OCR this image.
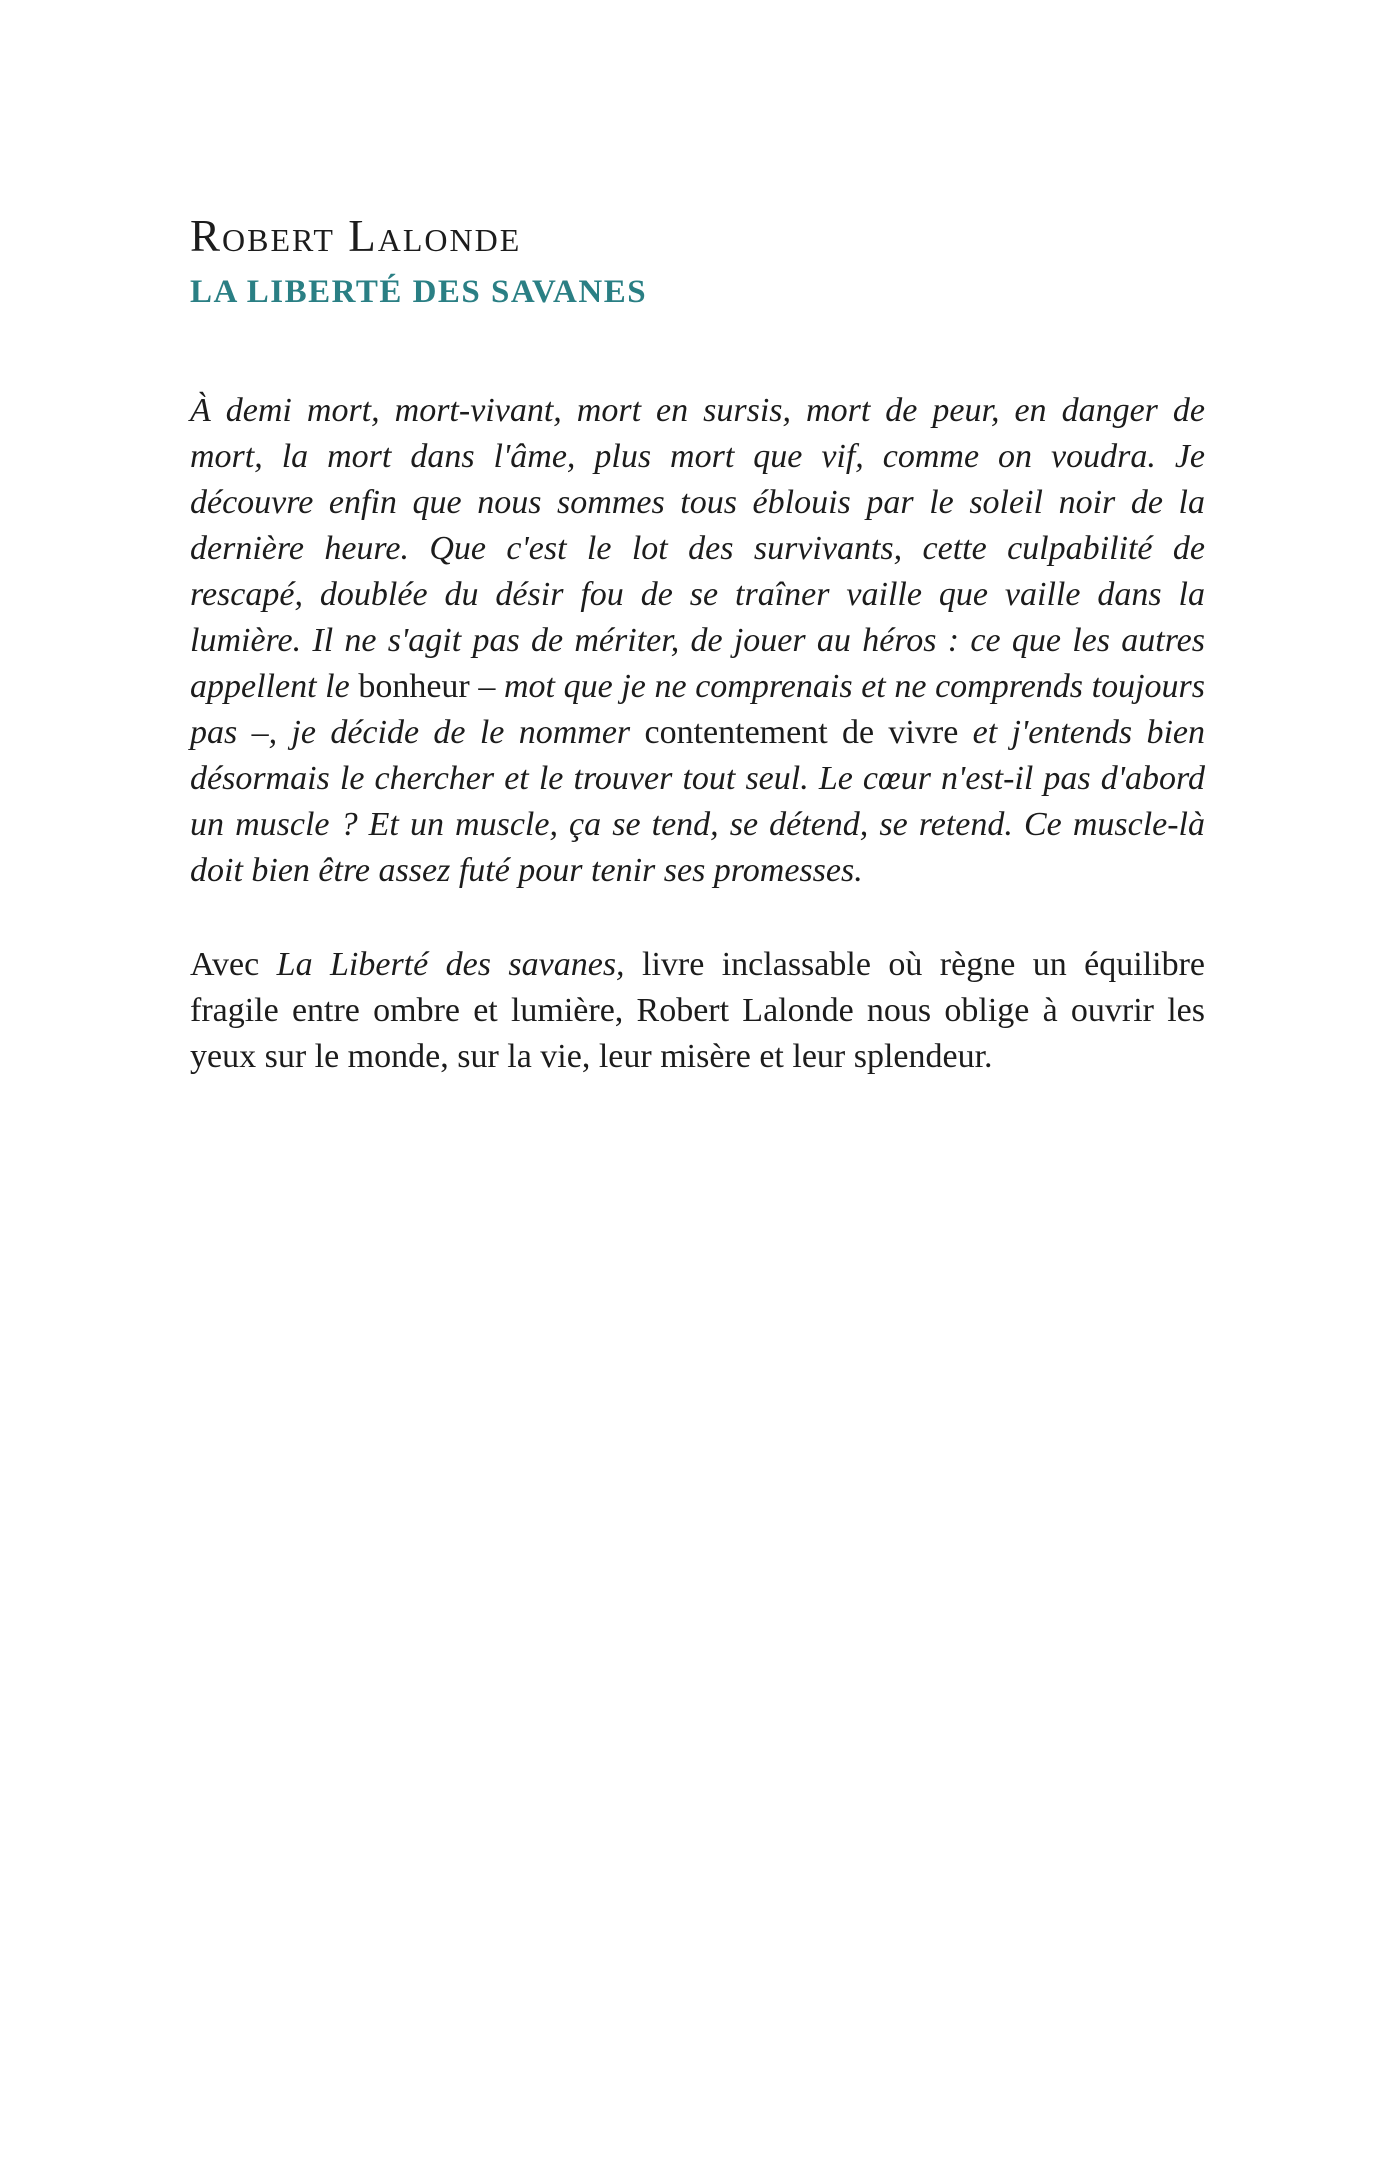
Robert Lalonde
LA LIBERTÉ DES SAVANES

À demi mort, mort-vivant, mort en sursis, mort de peur, en danger de mort, la mort dans l'âme, plus mort que vif, comme on voudra. Je découvre enfin que nous sommes tous éblouis par le soleil noir de la dernière heure. Que c'est le lot des survivants, cette culpabilité de rescapé, doublée du désir fou de se traîner vaille que vaille dans la lumière. Il ne s'agit pas de mériter, de jouer au héros : ce que les autres appellent le bonheur – mot que je ne comprenais et ne comprends toujours pas –, je décide de le nommer contentement de vivre et j'entends bien désormais le chercher et le trouver tout seul. Le cœur n'est-il pas d'abord un muscle ? Et un muscle, ça se tend, se détend, se retend. Ce muscle-là doit bien être assez futé pour tenir ses promesses.

Avec La Liberté des savanes, livre inclassable où règne un équilibre fragile entre ombre et lumière, Robert Lalonde nous oblige à ouvrir les yeux sur le monde, sur la vie, leur misère et leur splendeur.
